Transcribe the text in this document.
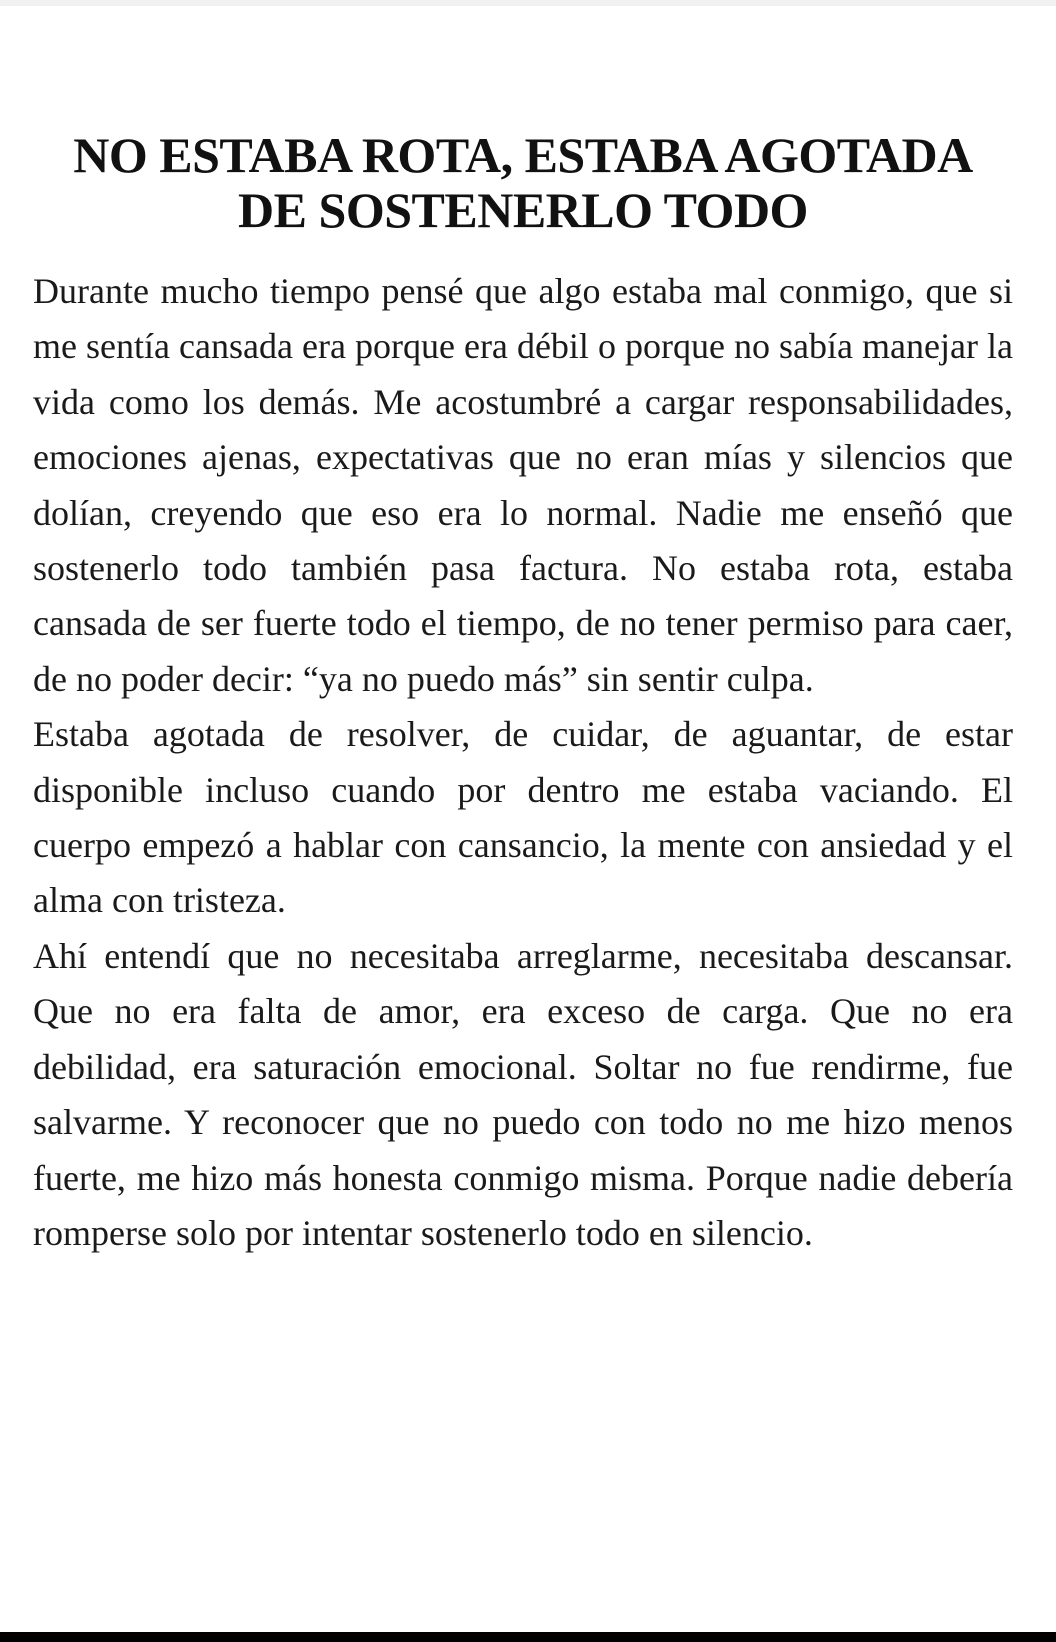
NO ESTABA ROTA, ESTABA AGOTADA
DE SOSTENERLO TODO

Durante mucho tiempo pensé que algo estaba mal conmigo, que si me sentía cansada era porque era débil o porque no sabía manejar la vida como los demás. Me acostumbré a cargar responsabilidades, emociones ajenas, expectativas que no eran mías y silencios que dolían, creyendo que eso era lo normal. Nadie me enseñó que sostenerlo todo también pasa factura. No estaba rota, estaba cansada de ser fuerte todo el tiempo, de no tener permiso para caer, de no poder decir: “ya no puedo más” sin sentir culpa.

Estaba agotada de resolver, de cuidar, de aguantar, de estar disponible incluso cuando por dentro me estaba vaciando. El cuerpo empezó a hablar con cansancio, la mente con ansiedad y el alma con tristeza.

Ahí entendí que no necesitaba arreglarme, necesitaba descansar. Que no era falta de amor, era exceso de carga. Que no era debilidad, era saturación emocional. Soltar no fue rendirme, fue salvarme. Y reconocer que no puedo con todo no me hizo menos fuerte, me hizo más honesta conmigo misma. Porque nadie debería romperse solo por intentar sostenerlo todo en silencio.
